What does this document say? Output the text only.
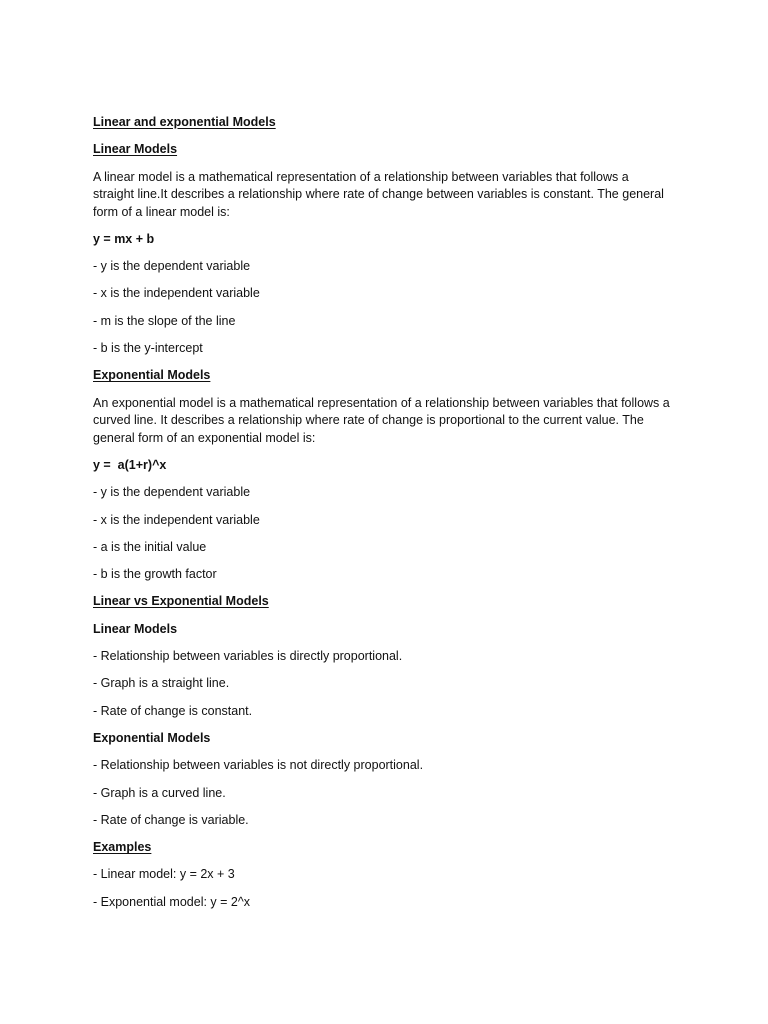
Linear and exponential Models
Linear Models
A linear model is a mathematical representation of a relationship between variables that follows a straight line.It describes a relationship where rate of change between variables is constant. The general form of a linear model is:
y = mx + b
- y is the dependent variable
- x is the independent variable
- m is the slope of the line
- b is the y-intercept
Exponential Models
An exponential model is a mathematical representation of a relationship between variables that follows a curved line. It describes a relationship where rate of change is proportional to the current value. The general form of an exponential model is:
y =  a(1+r)^x
- y is the dependent variable
- x is the independent variable
- a is the initial value
- b is the growth factor
Linear vs Exponential Models
Linear Models
- Relationship between variables is directly proportional.
- Graph is a straight line.
- Rate of change is constant.
Exponential Models
- Relationship between variables is not directly proportional.
- Graph is a curved line.
- Rate of change is variable.
Examples
- Linear model: y = 2x + 3
- Exponential model: y = 2^x
